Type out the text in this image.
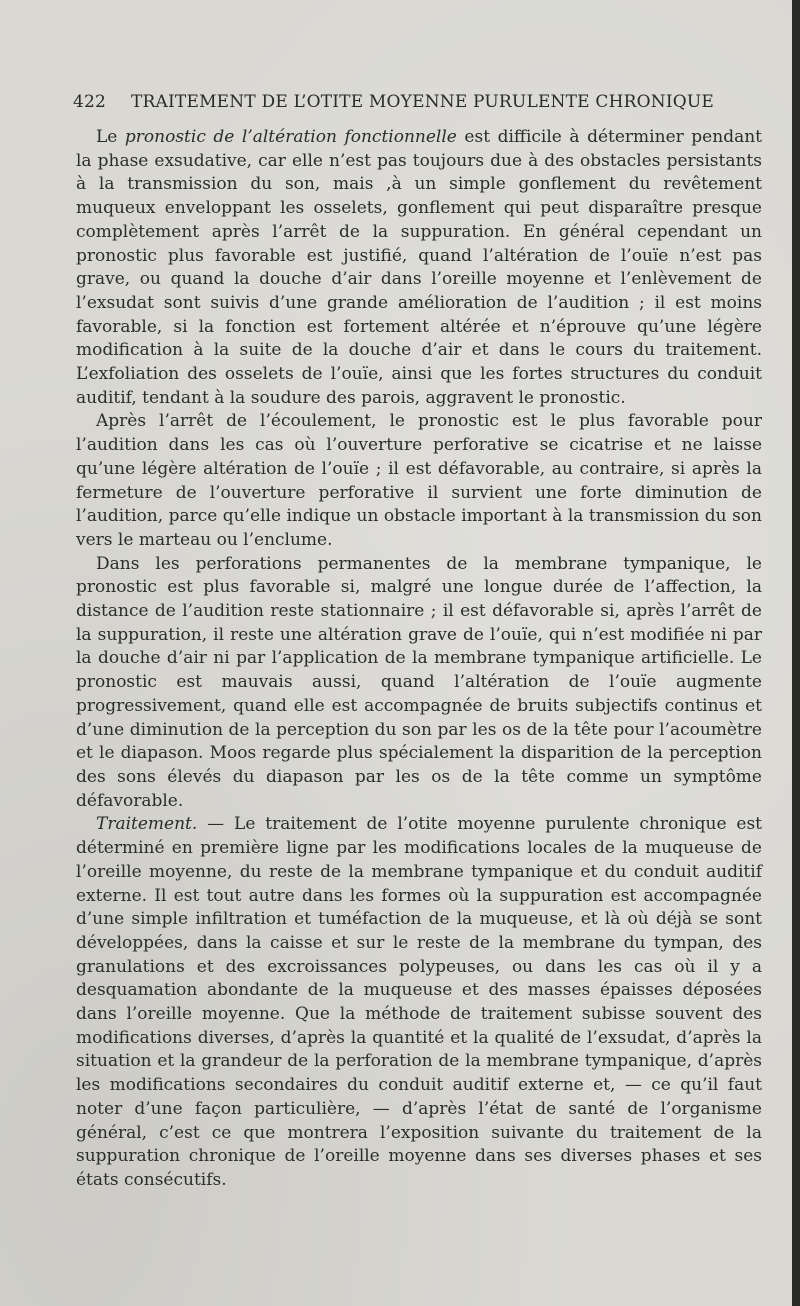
422 TRAITEMENT DE L’OTITE MOYENNE PURULENTE CHRONIQUE

Le pronostic de l’altération fonctionnelle est difficile à déterminer pendant la phase exsudative, car elle n’est pas toujours due à des obstacles persistants à la transmission du son, mais ,à un simple gonflement du revêtement muqueux enveloppant les osselets, gonflement qui peut disparaître presque complètement après l’arrêt de la suppuration. En général cependant un pronostic plus favorable est justifié, quand l’altération de l’ouïe n’est pas grave, ou quand la douche d’air dans l’oreille moyenne et l’enlèvement de l’exsudat sont suivis d’une grande amélioration de l’audition ; il est moins favorable, si la fonction est fortement altérée et n’éprouve qu’une légère modification à la suite de la douche d’air et dans le cours du traitement. L’exfoliation des osselets de l’ouïe, ainsi que les fortes structures du conduit auditif, tendant à la soudure des parois, aggravent le pronostic.

Après l’arrêt de l’écoulement, le pronostic est le plus favorable pour l’audition dans les cas où l’ouverture perforative se cicatrise et ne laisse qu’une légère altération de l’ouïe ; il est défavorable, au contraire, si après la fermeture de l’ouverture perforative il survient une forte diminution de l’audition, parce qu’elle indique un obstacle important à la transmission du son vers le marteau ou l’enclume.

Dans les perforations permanentes de la membrane tympanique, le pronostic est plus favorable si, malgré une longue durée de l’affection, la distance de l’audition reste stationnaire ; il est défavorable si, après l’arrêt de la suppuration, il reste une altération grave de l’ouïe, qui n’est modifiée ni par la douche d’air ni par l’application de la membrane tympanique artificielle. Le pronostic est mauvais aussi, quand l’altération de l’ouïe augmente progressivement, quand elle est accompagnée de bruits subjectifs continus et d’une diminution de la perception du son par les os de la tête pour l’acoumètre et le diapason. Moos regarde plus spécialement la disparition de la perception des sons élevés du diapason par les os de la tête comme un symptôme défavorable.

Traitement. — Le traitement de l’otite moyenne purulente chronique est déterminé en première ligne par les modifications locales de la muqueuse de l’oreille moyenne, du reste de la membrane tympanique et du conduit auditif externe. Il est tout autre dans les formes où la suppuration est accompagnée d’une simple infiltration et tuméfaction de la muqueuse, et là où déjà se sont développées, dans la caisse et sur le reste de la membrane du tympan, des granulations et des excroissances polypeuses, ou dans les cas où il y a desquamation abondante de la muqueuse et des masses épaisses déposées dans l’oreille moyenne. Que la méthode de traitement subisse souvent des modifications diverses, d’après la quantité et la qualité de l’exsudat, d’après la situation et la grandeur de la perforation de la membrane tympanique, d’après les modifications secondaires du conduit auditif externe et, — ce qu’il faut noter d’une façon particulière, — d’après l’état de santé de l’organisme général, c’est ce que montrera l’exposition suivante du traitement de la suppuration chronique de l’oreille moyenne dans ses diverses phases et ses états consécutifs.
